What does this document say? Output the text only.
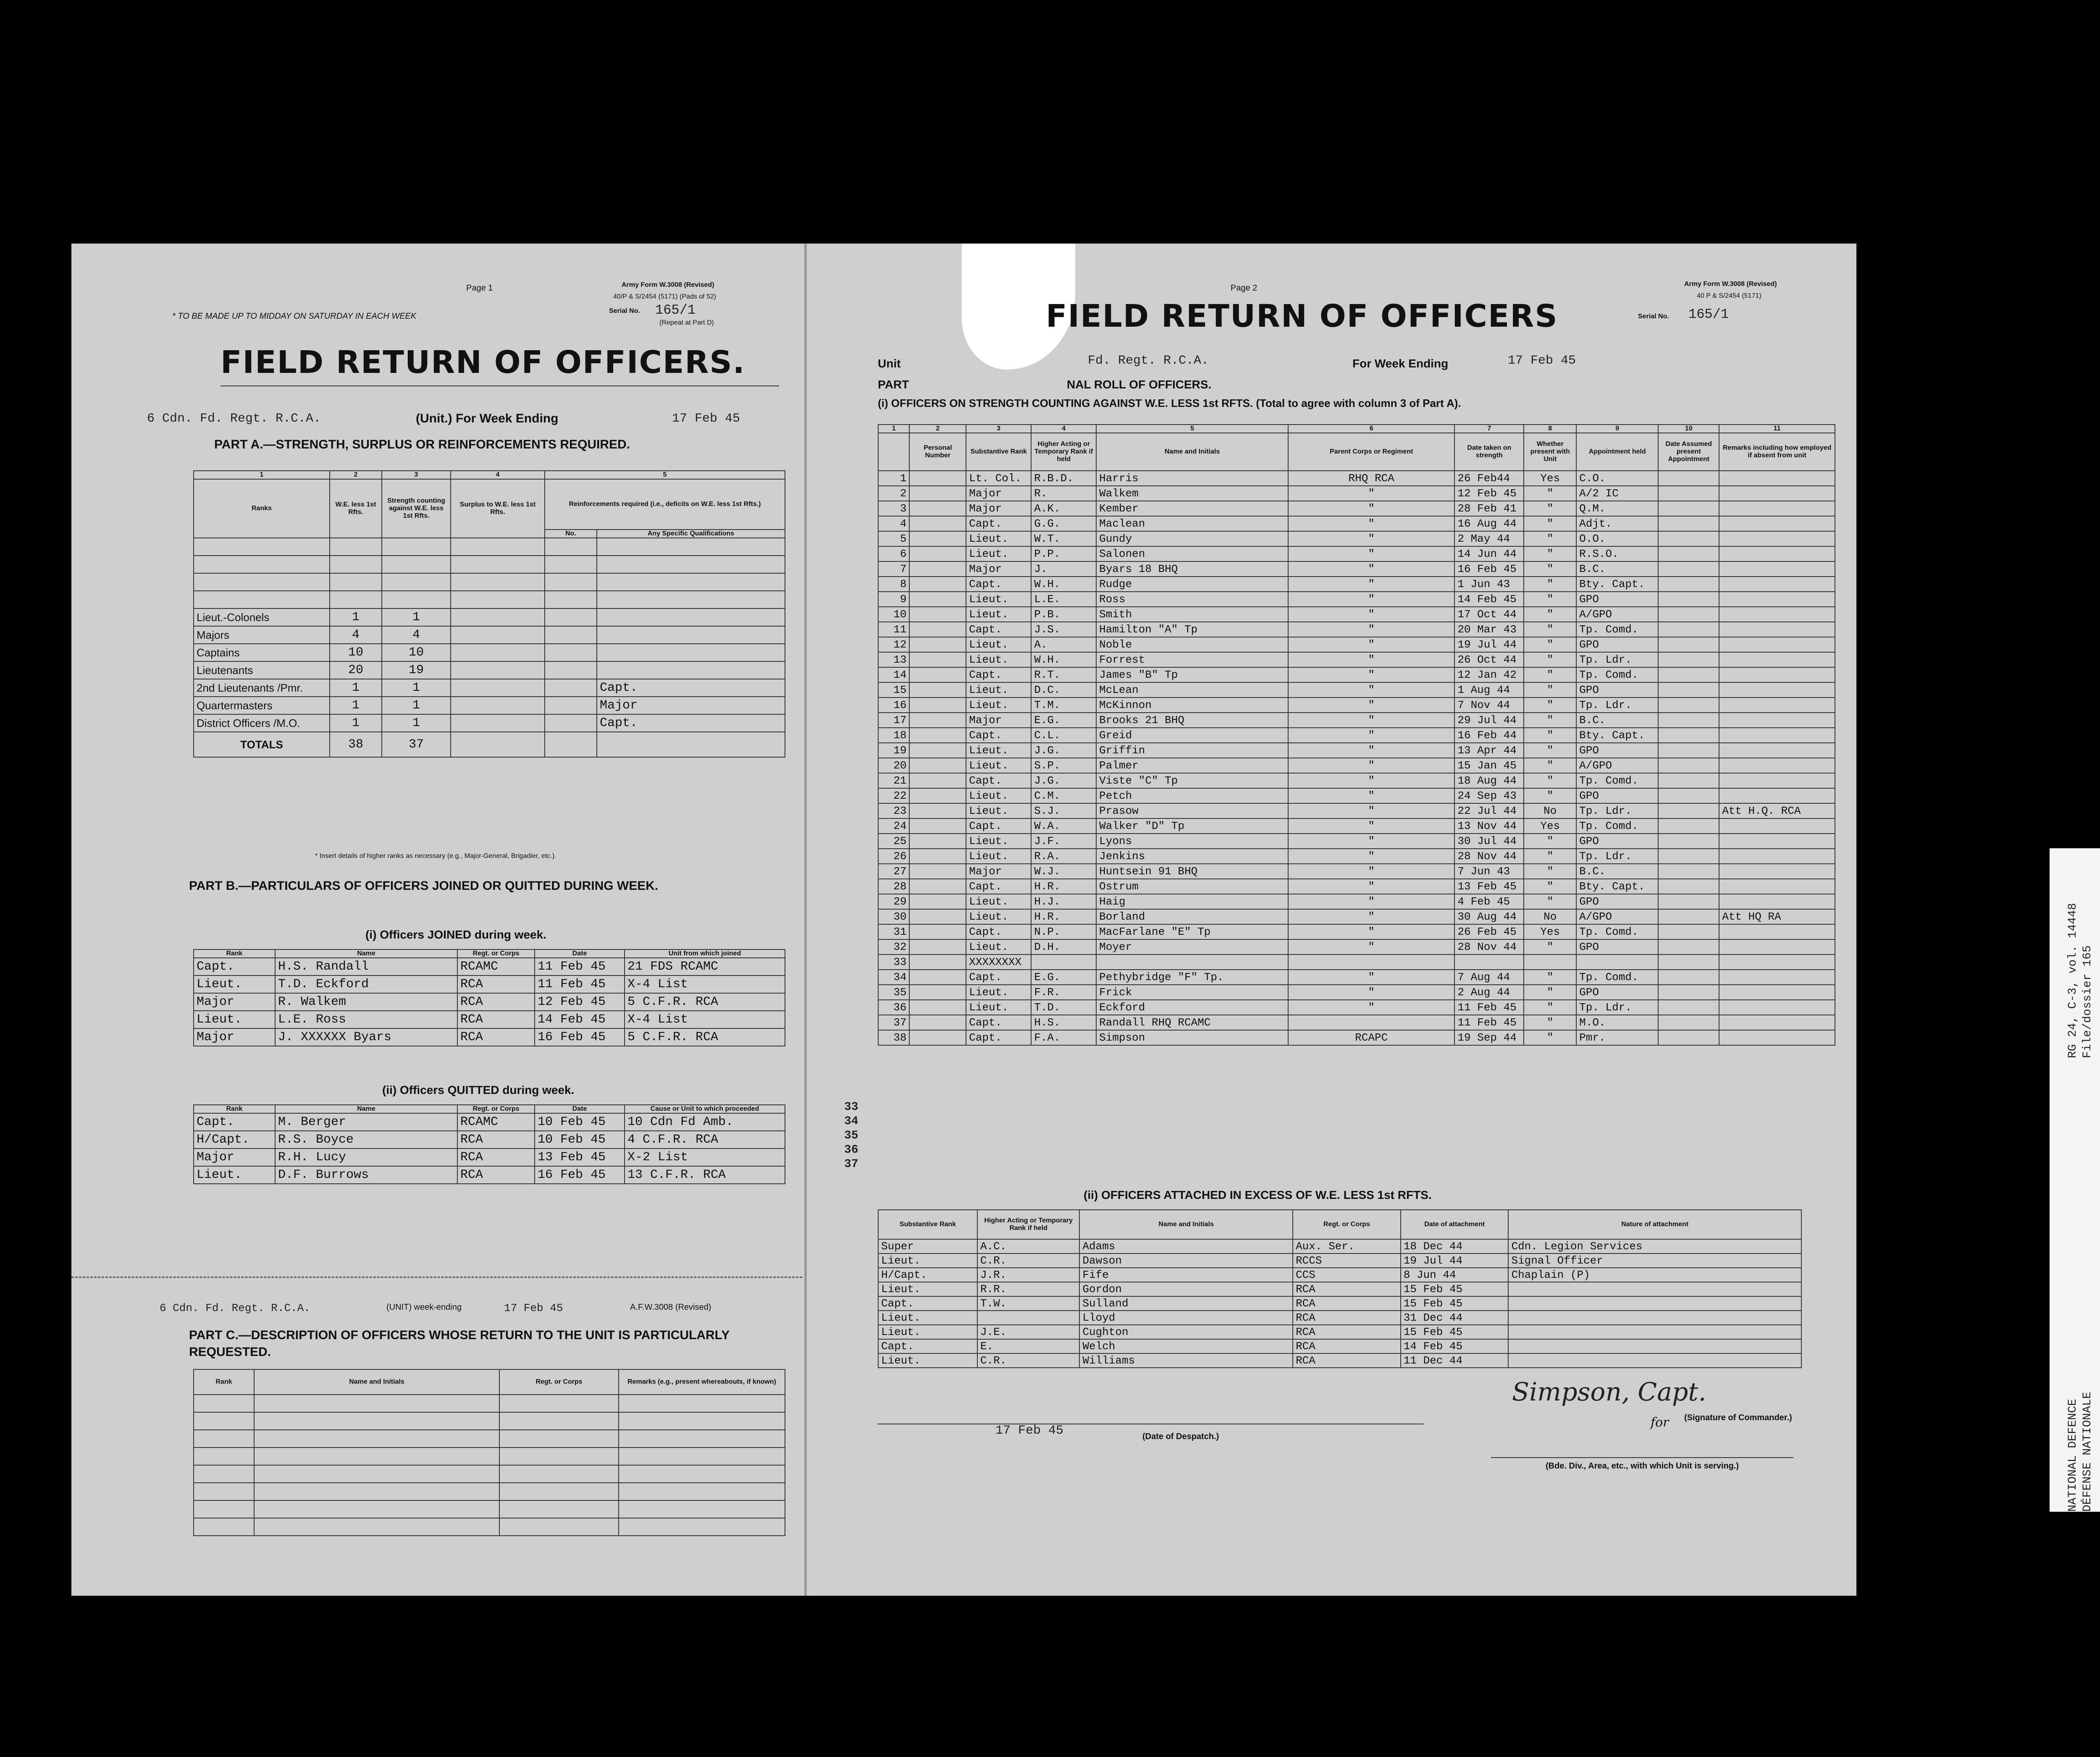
Page 1	Army Form W.3008 (Revised)
40/P & S/2454 (5171) (Pads of 52)
Serial No. 165/1
(Repeat at Part D)
* TO BE MADE UP TO MIDDAY ON SATURDAY IN EACH WEEK
FIELD RETURN OF OFFICERS.
6 Cdn. Fd. Regt. R.C.A.	(Unit.) For Week Ending	17 Feb 45
PART A.—STRENGTH, SURPLUS OR REINFORCEMENTS REQUIRED.
1	2	3	4	5	
Ranks	W.E. less 1st Rfts.	Strength counting against W.E. less 1st Rfts.	Surplus to W.E. less 1st Rfts.	Reinforcements required (i.e., deficits on W.E. less 1st Rfts.)	
				No.	Any Specific Qualifications

Lieut.-Colonels	1	1			
Majors	4	4			
Captains	10	10			
Lieutenants	20	19			
2nd Lieutenants /Pmr.	1	1			Capt.
Quartermasters	1	1			Major
District Officers /M.O.	1	1			Capt.
TOTALS	38	37			
* Insert details of higher ranks as necessary (e.g., Major-General, Brigadier, etc.).
PART B.—PARTICULARS OF OFFICERS JOINED OR QUITTED DURING WEEK.
(i) Officers JOINED during week.
Rank	Name	Regt. or Corps	Date	Unit from which joined
Capt.	H.S. Randall	RCAMC	11 Feb 45	21 FDS RCAMC
Lieut.	T.D. Eckford	RCA	11 Feb 45	X-4 List
Major	R. Walkem	RCA	12 Feb 45	5 C.F.R. RCA
Lieut.	L.E. Ross	RCA	14 Feb 45	X-4 List
Major	J. XXXXXX Byars	RCA	16 Feb 45	5 C.F.R. RCA
(ii) Officers QUITTED during week.
Rank	Name	Regt. or Corps	Date	Cause or Unit to which proceeded
Capt.	M. Berger	RCAMC	10 Feb 45	10 Cdn Fd Amb.
H/Capt.	R.S. Boyce	RCA	10 Feb 45	4 C.F.R. RCA
Major	R.H. Lucy	RCA	13 Feb 45	X-2 List
Lieut.	D.F. Burrows	RCA	16 Feb 45	13 C.F.R. RCA
6 Cdn. Fd. Regt. R.C.A.	(UNIT) week-ending	17 Feb 45	A.F.W.3008 (Revised)
PART C.—DESCRIPTION OF OFFICERS WHOSE RETURN TO THE UNIT IS PARTICULARLY REQUESTED.
Rank	Name and Initials	Regt. or Corps	Remarks (e.g., present whereabouts, if known)

Page 2	Army Form W.3008 (Revised)
40 P & S/2454 (5171)
Serial No. 165/1
FIELD RETURN OF OFFICERS
Unit	Fd. Regt. R.C.A.	For Week Ending	17 Feb 45
PART	NAL ROLL OF OFFICERS.
(i) OFFICERS ON STRENGTH COUNTING AGAINST W.E. LESS 1st RFTS. (Total to agree with column 3 of Part A).
1	2	3	4	5	6	7	8	9	10	11
	Personal Number	Substantive Rank	Higher Acting or Temporary Rank if held	Name and Initials	Parent Corps or Regiment	Date taken on strength	Whether present with Unit	Appointment held	Date Assumed present Appointment	Remarks including how employed if absent from unit
1		Lt. Col.	R.B.D.	Harris	RHQ RCA	26 Feb44	Yes	C.O.		
2		Major	R.	Walkem	"	12 Feb 45	"	A/2 IC		
3		Major	A.K.	Kember	"	28 Feb 41	"	Q.M.		
4		Capt.	G.G.	Maclean	"	16 Aug 44	"	Adjt.		
5		Lieut.	W.T.	Gundy	"	2 May 44	"	O.O.		
6		Lieut.	P.P.	Salonen	"	14 Jun 44	"	R.S.O.		
7		Major	J.	Byars 18 BHQ	"	16 Feb 45	"	B.C.		
8		Capt.	W.H.	Rudge	"	1 Jun 43	"	Bty. Capt.		
9		Lieut.	L.E.	Ross	"	14 Feb 45	"	GPO		
10		Lieut.	P.B.	Smith	"	17 Oct 44	"	A/GPO		
11		Capt.	J.S.	Hamilton "A" Tp	"	20 Mar 43	"	Tp. Comd.		
12		Lieut.	A.	Noble	"	19 Jul 44	"	GPO		
13		Lieut.	W.H.	Forrest	"	26 Oct 44	"	Tp. Ldr.		
14		Capt.	R.T.	James "B" Tp	"	12 Jan 42	"	Tp. Comd.		
15		Lieut.	D.C.	McLean	"	1 Aug 44	"	GPO		
16		Lieut.	T.M.	McKinnon	"	7 Nov 44	"	Tp. Ldr.		
17		Major	E.G.	Brooks 21 BHQ	"	29 Jul 44	"	B.C.		
18		Capt.	C.L.	Greid	"	16 Feb 44	"	Bty. Capt.		
19		Lieut.	J.G.	Griffin	"	13 Apr 44	"	GPO		
20		Lieut.	S.P.	Palmer	"	15 Jan 45	"	A/GPO		
21		Capt.	J.G.	Viste "C" Tp	"	18 Aug 44	"	Tp. Comd.		
22		Lieut.	C.M.	Petch	"	24 Sep 43	"	GPO		
23		Lieut.	S.J.	Prasow	"	22 Jul 44	No	Tp. Ldr.		Att H.Q. RCA
24		Capt.	W.A.	Walker "D" Tp	"	13 Nov 44	Yes	Tp. Comd.		
25		Lieut.	J.F.	Lyons	"	30 Jul 44	"	GPO		
26		Lieut.	R.A.	Jenkins	"	28 Nov 44	"	Tp. Ldr.		
27		Major	W.J.	Huntsein 91 BHQ	"	7 Jun 43	"	B.C.		
28		Capt.	H.R.	Ostrum	"	13 Feb 45	"	Bty. Capt.		
29		Lieut.	H.J.	Haig	"	4 Feb 45	"	GPO		
30		Lieut.	H.R.	Borland	"	30 Aug 44	No	A/GPO		Att HQ RA
31		Capt.	N.P.	MacFarlane "E" Tp	"	26 Feb 45	Yes	Tp. Comd.		
32		Lieut.	D.H.	Moyer	"	28 Nov 44	"	GPO		
33		XXXXXXXX								
34		Capt.	E.G.	Pethybridge "F" Tp.	"	7 Aug 44	"	Tp. Comd.		
35		Lieut.	F.R.	Frick	"	2 Aug 44	"	GPO		
36		Lieut.	T.D.	Eckford	"	11 Feb 45	"	Tp. Ldr.		
37		Capt.	H.S.	Randall RHQ RCAMC		11 Feb 45	"	M.O.		
38		Capt.	F.A.	Simpson	RCAPC	19 Sep 44	"	Pmr.		
33
34
35
36
37
(ii) OFFICERS ATTACHED IN EXCESS OF W.E. LESS 1st RFTS.
Substantive Rank	Higher Acting or Temporary Rank if held	Name and Initials	Regt. or Corps	Date of attachment	Nature of attachment
Super	A.C.	Adams	Aux. Ser.	18 Dec 44	Cdn. Legion Services
Lieut.	C.R.	Dawson	RCCS	19 Jul 44	Signal Officer
H/Capt.	J.R.	Fife	CCS	8 Jun 44	Chaplain (P)
Lieut.	R.R.	Gordon	RCA	15 Feb 45	
Capt.	T.W.	Sulland	RCA	15 Feb 45	
Lieut.		Lloyd	RCA	31 Dec 44	
Lieut.	J.E.	Cughton	RCA	15 Feb 45	
Capt.	E.	Welch	RCA	14 Feb 45	
Lieut.	C.R.	Williams	RCA	11 Dec 44	
Simpson, Capt.
for (Signature of Commander.)
17 Feb 45	(Date of Despatch.)
(Bde. Div., Area, etc., with which Unit is serving.)	NATIONAL DEFENCE DÉFENSE NATIONALE
RG 24, C-3, vol. 14448 File/dossier 165
